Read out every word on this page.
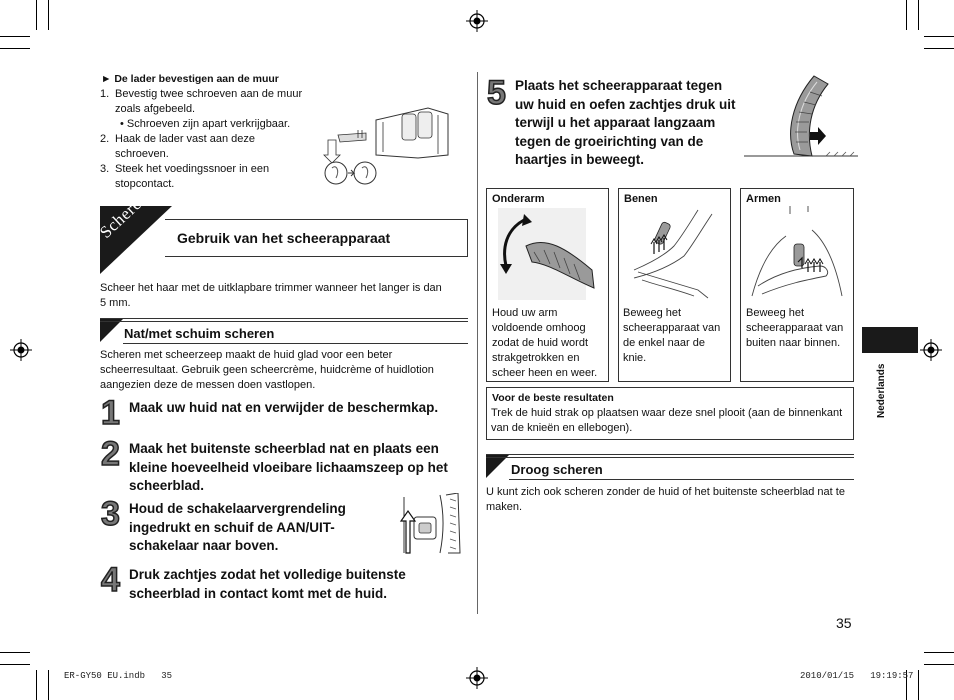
► De lader bevestigen aan de muur
1. Bevestig twee schroeven aan de muur
zoals afgebeeld.
• Schroeven zijn apart verkrijgbaar.
2. Haak de lader vast aan deze
schroeven.
3. Steek het voedingssnoer in een
stopcontact.
Scheren Gebruik van het scheerapparaat
Scheer het haar met de uitklapbare trimmer wanneer het langer is dan
5 mm.
Nat/met schuim scheren
Scheren met scheerzeep maakt de huid glad voor een beter
scheerresultaat. Gebruik geen scheercrème, huidcrème of huidlotion
aangezien deze de messen doen vastlopen.
1 Maak uw huid nat en verwijder de beschermkap.
2 Maak het buitenste scheerblad nat en plaats een
kleine hoeveelheid vloeibare lichaamszeep op het
scheerblad.
3 Houd de schakelaarvergrendeling
ingedrukt en schuif de AAN/UIT-
schakelaar naar boven.
4 Druk zachtjes zodat het volledige buitenste
scheerblad in contact komt met de huid.
5 Plaats het scheerapparaat tegen
uw huid en oefen zachtjes druk uit
terwijl u het apparaat langzaam
tegen de groeirichting van de
haartjes in beweegt.
Onderarm
Houd uw arm
voldoende omhoog
zodat de huid wordt
strakgetrokken en
scheer heen en weer.
Benen
Beweeg het
scheerapparaat van
de enkel naar de
knie.
Armen
Beweeg het
scheerapparaat van
buiten naar binnen.
Voor de beste resultaten
Trek de huid strak op plaatsen waar deze snel plooit (aan de binnenkant
van de knieën en ellebogen).
Droog scheren
U kunt zich ook scheren zonder de huid of het buitenste scheerblad nat te
maken.
Nederlands
35
ER-GY50 EU.indb   35	2010/01/15   19:19:57
